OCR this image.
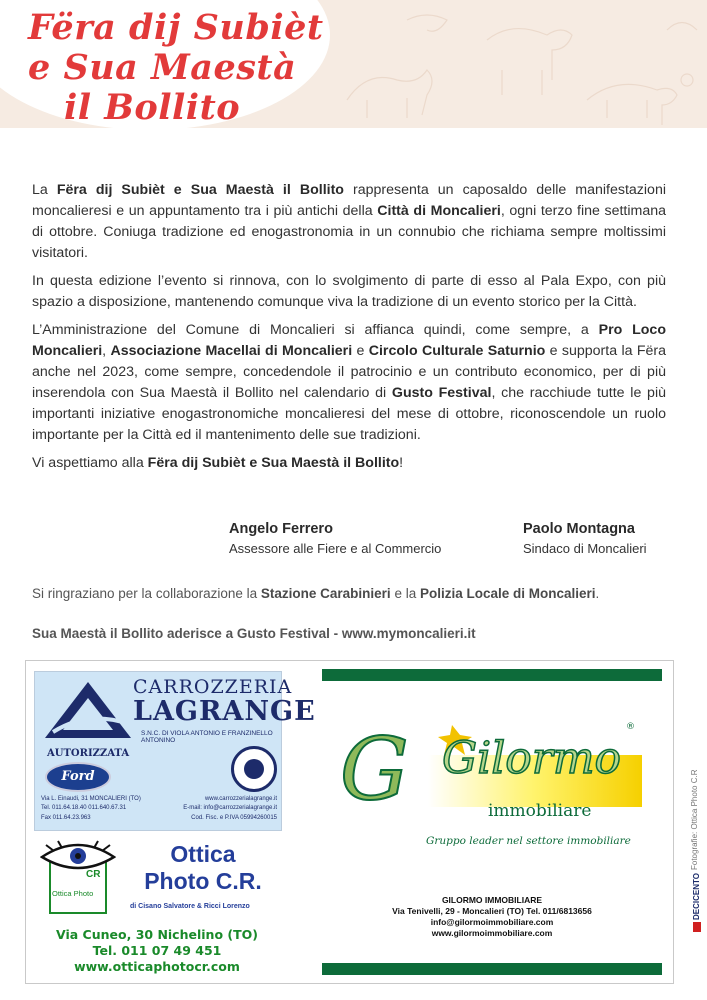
Fëra dij Subièt
e Sua Maestà
il Bollito

La Fëra dij Subièt e Sua Maestà il Bollito rappresenta un caposaldo delle manifestazioni moncalieresi e un appuntamento tra i più antichi della Città di Moncalieri, ogni terzo fine settimana di ottobre. Coniuga tradizione ed enogastronomia in un connubio che richiama sempre moltissimi visitatori.

In questa edizione l’evento si rinnova, con lo svolgimento di parte di esso al Pala Expo, con più spazio a disposizione, mantenendo comunque viva la tradizione di un evento storico per la Città.

L’Amministrazione del Comune di Moncalieri si affianca quindi, come sempre, a Pro Loco Moncalieri, Associazione Macellai di Moncalieri e Circolo Culturale Saturnio e supporta la Fëra anche nel 2023, come sempre, concedendole il patrocinio e un contributo economico, per di più inserendola con Sua Maestà il Bollito nel calendario di Gusto Festival, che racchiude tutte le più importanti iniziative enogastronomiche moncalieresi del mese di ottobre, riconoscendole un ruolo importante per la Città ed il mantenimento delle sue tradizioni.

Vi aspettiamo alla Fëra dij Subièt e Sua Maestà il Bollito!

Angelo Ferrero
Assessore alle Fiere e al Commercio
Paolo Montagna
Sindaco di Moncalieri
Si ringraziano per la collaborazione la Stazione Carabinieri e la Polizia Locale di Moncalieri.
Sua Maestà il Bollito aderisce a Gusto Festival - www.mymoncalieri.it
CARROZZERIA
LAGRANGE
S.N.C. DI VIOLA ANTONIO E FRANZINELLO ANTONINO
AUTORIZZATA
Ford
Via L. Einaudi, 31 MONCALIERI (TO)	www.carrozzerialagrange.it
Tel. 011.64.18.40 011.640.67.31	E-mail: info@carrozzerialagrange.it
Fax 011.64.23.963	Cod. Fisc. e P.IVA 05994260015
CR
Ottica Photo
Ottica
Photo C.R.
di Cisano Salvatore & Ricci Lorenzo
Via Cuneo, 30 Nichelino (TO)
Tel. 011 07 49 451
www.otticaphotocr.com
G Gilormo
®
immobiliare
Gruppo leader nel settore immobiliare
GILORMO IMMOBILIARE
Via Tenivelli, 29 - Moncalieri (TO) Tel. 011/6813656
info@gilormoimmobiliare.com
www.gilormoimmobiliare.com
Fotografie: Ottica Photo C.R
DECICENTO
